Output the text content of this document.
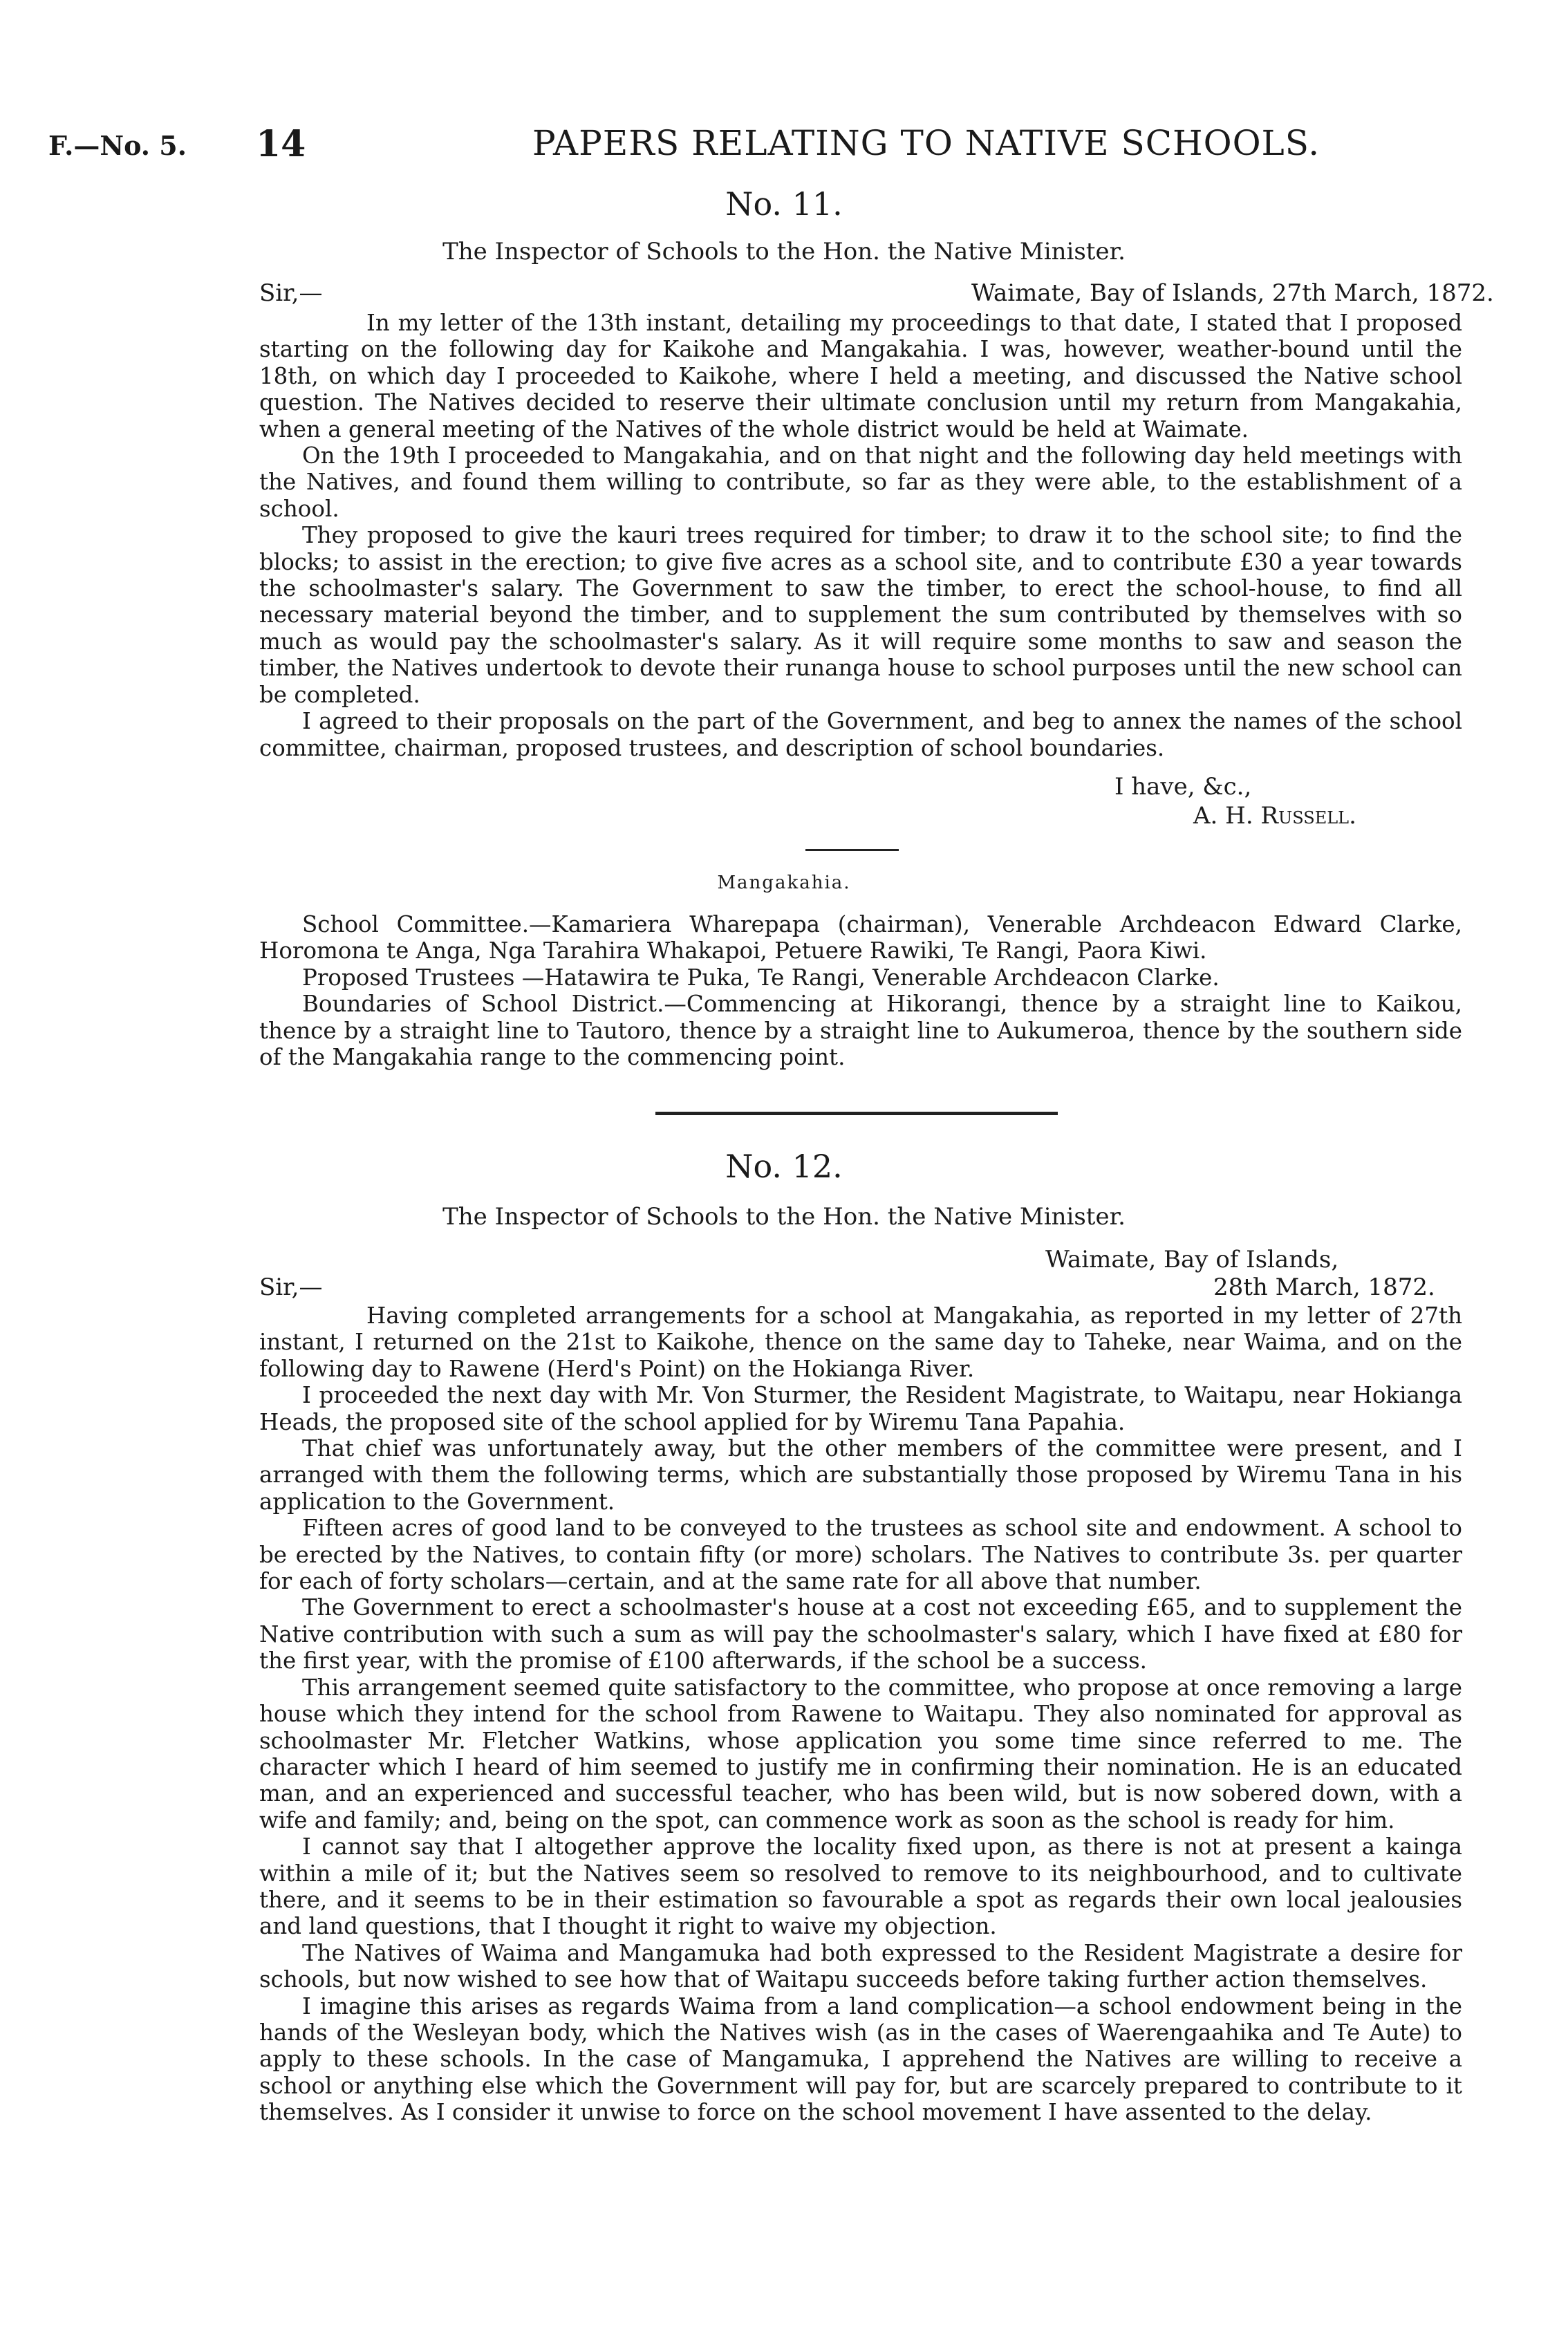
F.—No. 5. 14	PAPERS RELATING TO NATIVE SCHOOLS.
No. 11.
The Inspector of Schools to the Hon. the Native Minister.
Sir,—	Waimate, Bay of Islands, 27th March, 1872.

In my letter of the 13th instant, detailing my proceedings to that date, I stated that I proposed starting on the following day for Kaikohe and Mangakahia. I was, however, weather-bound until the 18th, on which day I proceeded to Kaikohe, where I held a meeting, and discussed the Native school question. The Natives decided to reserve their ultimate conclusion until my return from Mangakahia, when a general meeting of the Natives of the whole district would be held at Waimate.

On the 19th I proceeded to Mangakahia, and on that night and the following day held meetings with the Natives, and found them willing to contribute, so far as they were able, to the establishment of a school.

They proposed to give the kauri trees required for timber; to draw it to the school site; to find the blocks; to assist in the erection; to give five acres as a school site, and to contribute £30 a year towards the schoolmaster's salary. The Government to saw the timber, to erect the school-house, to find all necessary material beyond the timber, and to supplement the sum contributed by themselves with so much as would pay the schoolmaster's salary. As it will require some months to saw and season the timber, the Natives undertook to devote their runanga house to school purposes until the new school can be completed.

I agreed to their proposals on the part of the Government, and beg to annex the names of the school committee, chairman, proposed trustees, and description of school boundaries.

I have, &c.,
A. H. Russell.
Mangakahia.

School Committee.—Kamariera Wharepapa (chairman), Venerable Archdeacon Edward Clarke, Horomona te Anga, Nga Tarahira Whakapoi, Petuere Rawiki, Te Rangi, Paora Kiwi.

Proposed Trustees —Hatawira te Puka, Te Rangi, Venerable Archdeacon Clarke.

Boundaries of School District.—Commencing at Hikorangi, thence by a straight line to Kaikou, thence by a straight line to Tautoro, thence by a straight line to Aukumeroa, thence by the southern side of the Mangakahia range to the commencing point.

No. 12.
The Inspector of Schools to the Hon. the Native Minister.
Waimate, Bay of Islands,
Sir,—	28th March, 1872.

Having completed arrangements for a school at Mangakahia, as reported in my letter of 27th instant, I returned on the 21st to Kaikohe, thence on the same day to Taheke, near Waima, and on the following day to Rawene (Herd's Point) on the Hokianga River.

I proceeded the next day with Mr. Von Sturmer, the Resident Magistrate, to Waitapu, near Hokianga Heads, the proposed site of the school applied for by Wiremu Tana Papahia.

That chief was unfortunately away, but the other members of the committee were present, and I arranged with them the following terms, which are substantially those proposed by Wiremu Tana in his application to the Government.

Fifteen acres of good land to be conveyed to the trustees as school site and endowment. A school to be erected by the Natives, to contain fifty (or more) scholars. The Natives to contribute 3s. per quarter for each of forty scholars—certain, and at the same rate for all above that number.

The Government to erect a schoolmaster's house at a cost not exceeding £65, and to supplement the Native contribution with such a sum as will pay the schoolmaster's salary, which I have fixed at £80 for the first year, with the promise of £100 afterwards, if the school be a success.

This arrangement seemed quite satisfactory to the committee, who propose at once removing a large house which they intend for the school from Rawene to Waitapu. They also nominated for approval as schoolmaster Mr. Fletcher Watkins, whose application you some time since referred to me. The character which I heard of him seemed to justify me in confirming their nomination. He is an educated man, and an experienced and successful teacher, who has been wild, but is now sobered down, with a wife and family; and, being on the spot, can commence work as soon as the school is ready for him.

I cannot say that I altogether approve the locality fixed upon, as there is not at present a kainga within a mile of it; but the Natives seem so resolved to remove to its neighbourhood, and to cultivate there, and it seems to be in their estimation so favourable a spot as regards their own local jealousies and land questions, that I thought it right to waive my objection.

The Natives of Waima and Mangamuka had both expressed to the Resident Magistrate a desire for schools, but now wished to see how that of Waitapu succeeds before taking further action themselves.

I imagine this arises as regards Waima from a land complication—a school endowment being in the hands of the Wesleyan body, which the Natives wish (as in the cases of Waerengaahika and Te Aute) to apply to these schools. In the case of Mangamuka, I apprehend the Natives are willing to receive a school or anything else which the Government will pay for, but are scarcely prepared to contribute to it themselves. As I consider it unwise to force on the school movement I have assented to the delay.
